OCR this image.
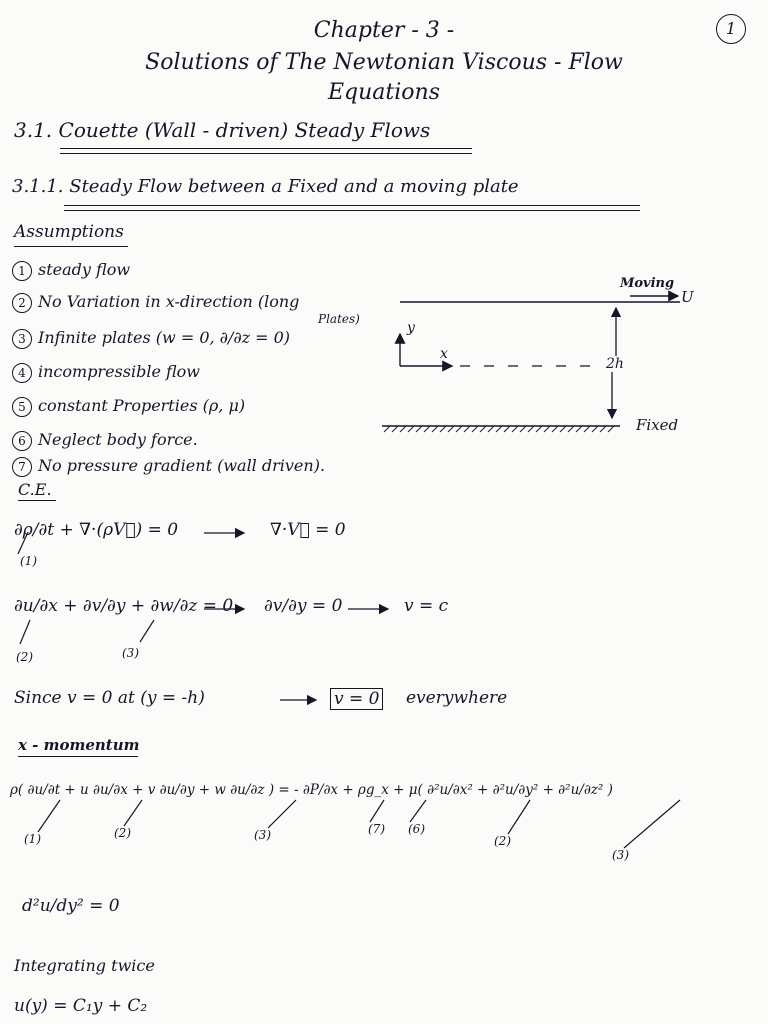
Chapter - 3 -	1
Solutions of The Newtonian Viscous - Flow
Equations
3.1. Couette (Wall - driven) Steady Flows
3.1.1. Steady Flow between a Fixed and a moving plate
Assumptions
1 steady flow
2 No Variation in x-direction (long
Plates)
3 Infinite plates (w = 0, ∂/∂z = 0)
4 incompressible flow
5 constant Properties (ρ, μ)
6 Neglect body force.
7 No pressure gradient (wall driven).
Moving
U
y
x
2h
Fixed
C.E.
∂ρ/∂t + ∇·(ρV⃗) = 0
(1)
∇·V⃗ = 0
∂u/∂x + ∂v/∂y + ∂w/∂z = 0 ∂v/∂y = 0	v = c
(2)	(3)
Since v = 0 at (y = -h)	v = 0 everywhere
x - momentum
ρ( ∂u/∂t + u ∂u/∂x + v ∂u/∂y + w ∂u/∂z ) = - ∂P/∂x + ρg_x + μ( ∂²u/∂x² + ∂²u/∂y² + ∂²u/∂z² )
(1)	(2)	(3)	(7) (6)
(2)
(3)
d²u/dy² = 0
Integrating twice
u(y) = C₁y + C₂
